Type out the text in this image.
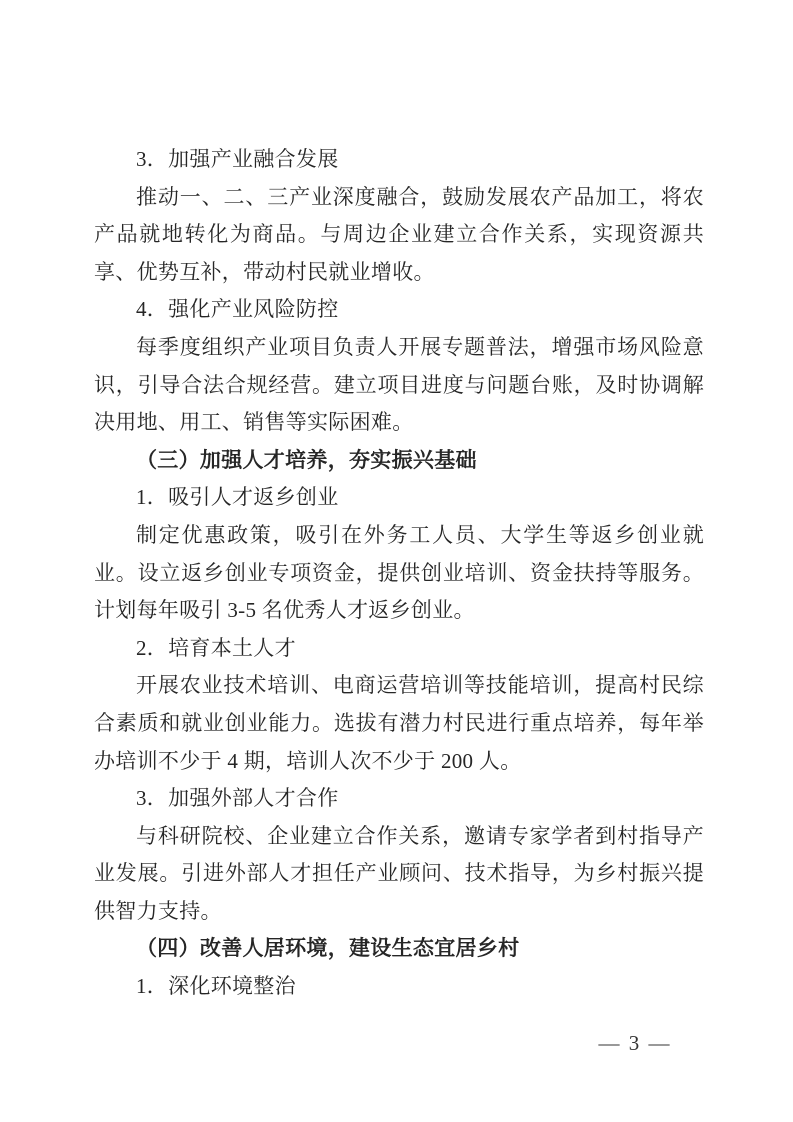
3．加强产业融合发展

推动一、二、三产业深度融合，鼓励发展农产品加工，将农产品就地转化为商品。与周边企业建立合作关系，实现资源共享、优势互补，带动村民就业增收。

4．强化产业风险防控

每季度组织产业项目负责人开展专题普法，增强市场风险意识，引导合法合规经营。建立项目进度与问题台账，及时协调解决用地、用工、销售等实际困难。

（三）加强人才培养，夯实振兴基础

1．吸引人才返乡创业

制定优惠政策，吸引在外务工人员、大学生等返乡创业就业。设立返乡创业专项资金，提供创业培训、资金扶持等服务。计划每年吸引 3-5 名优秀人才返乡创业。

2．培育本土人才

开展农业技术培训、电商运营培训等技能培训，提高村民综合素质和就业创业能力。选拔有潜力村民进行重点培养，每年举办培训不少于 4 期，培训人次不少于 200 人。

3．加强外部人才合作

与科研院校、企业建立合作关系，邀请专家学者到村指导产业发展。引进外部人才担任产业顾问、技术指导，为乡村振兴提供智力支持。

（四）改善人居环境，建设生态宜居乡村

1．深化环境整治

— 3 —
